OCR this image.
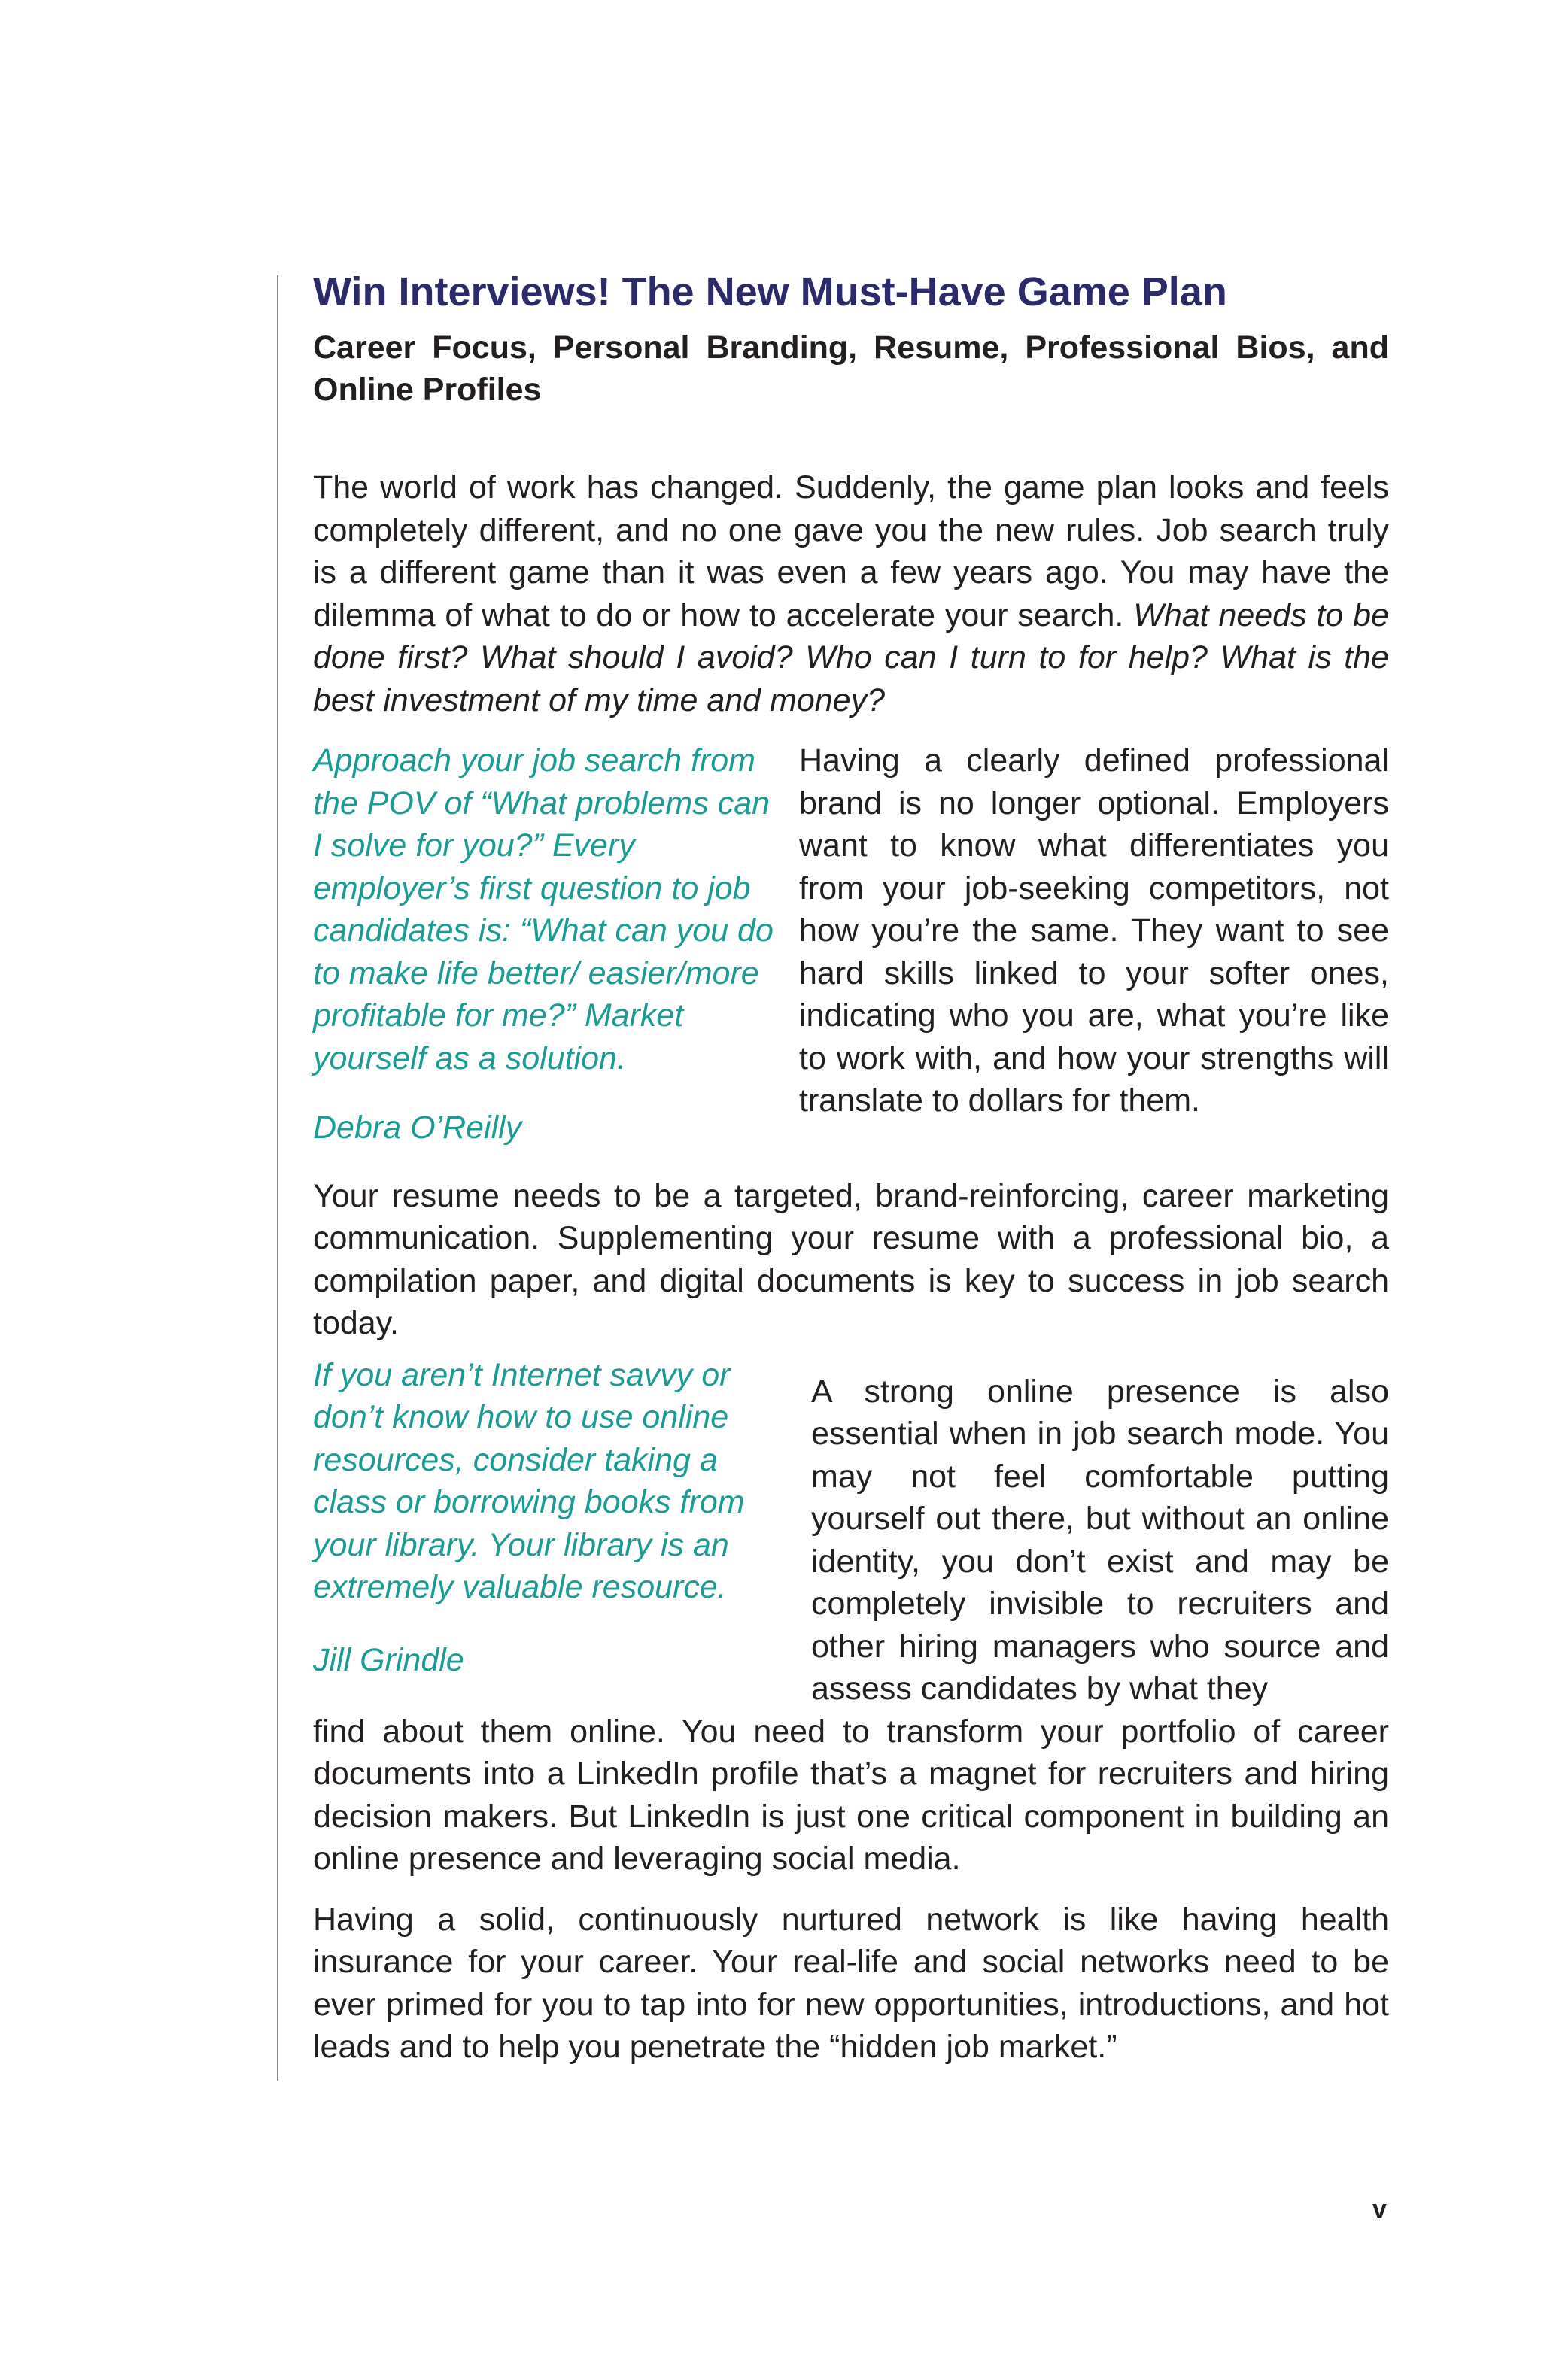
Win Interviews! The New Must-Have Game Plan
Career Focus, Personal Branding, Resume, Professional Bios, and Online Profiles

The world of work has changed. Suddenly, the game plan looks and feels completely different, and no one gave you the new rules. Job search truly is a different game than it was even a few years ago. You may have the dilemma of what to do or how to accelerate your search. What needs to be done first? What should I avoid? Who can I turn to for help? What is the best investment of my time and money?

Approach your job search from the POV of “What problems can I solve for you?” Every employer’s first question to job candidates is: “What can you do to make life better/ easier/more profitable for me?” Market yourself as a solution.

Debra O’Reilly

Having a clearly defined professional brand is no longer optional. Employers want to know what differentiates you from your job-seeking competitors, not how you’re the same. They want to see hard skills linked to your softer ones, indicating who you are, what you’re like to work with, and how your strengths will translate to dollars for them.

Your resume needs to be a targeted, brand-reinforcing, career marketing communication. Supplementing your resume with a professional bio, a compilation paper, and digital documents is key to success in job search today.

If you aren’t Internet savvy or don’t know how to use online resources, consider taking a class or borrowing books from your library. Your library is an extremely valuable resource.

Jill Grindle

A strong online presence is also essential when in job search mode. You may not feel comfortable putting yourself out there, but without an online identity, you don’t exist and may be completely invisible to recruiters and other hiring managers who source and assess candidates by what they

find about them online. You need to transform your portfolio of career documents into a LinkedIn profile that’s a magnet for recruiters and hiring decision makers. But LinkedIn is just one critical component in building an online presence and leveraging social media.

Having a solid, continuously nurtured network is like having health insurance for your career. Your real-life and social networks need to be ever primed for you to tap into for new opportunities, introductions, and hot leads and to help you penetrate the “hidden job market.”

v
